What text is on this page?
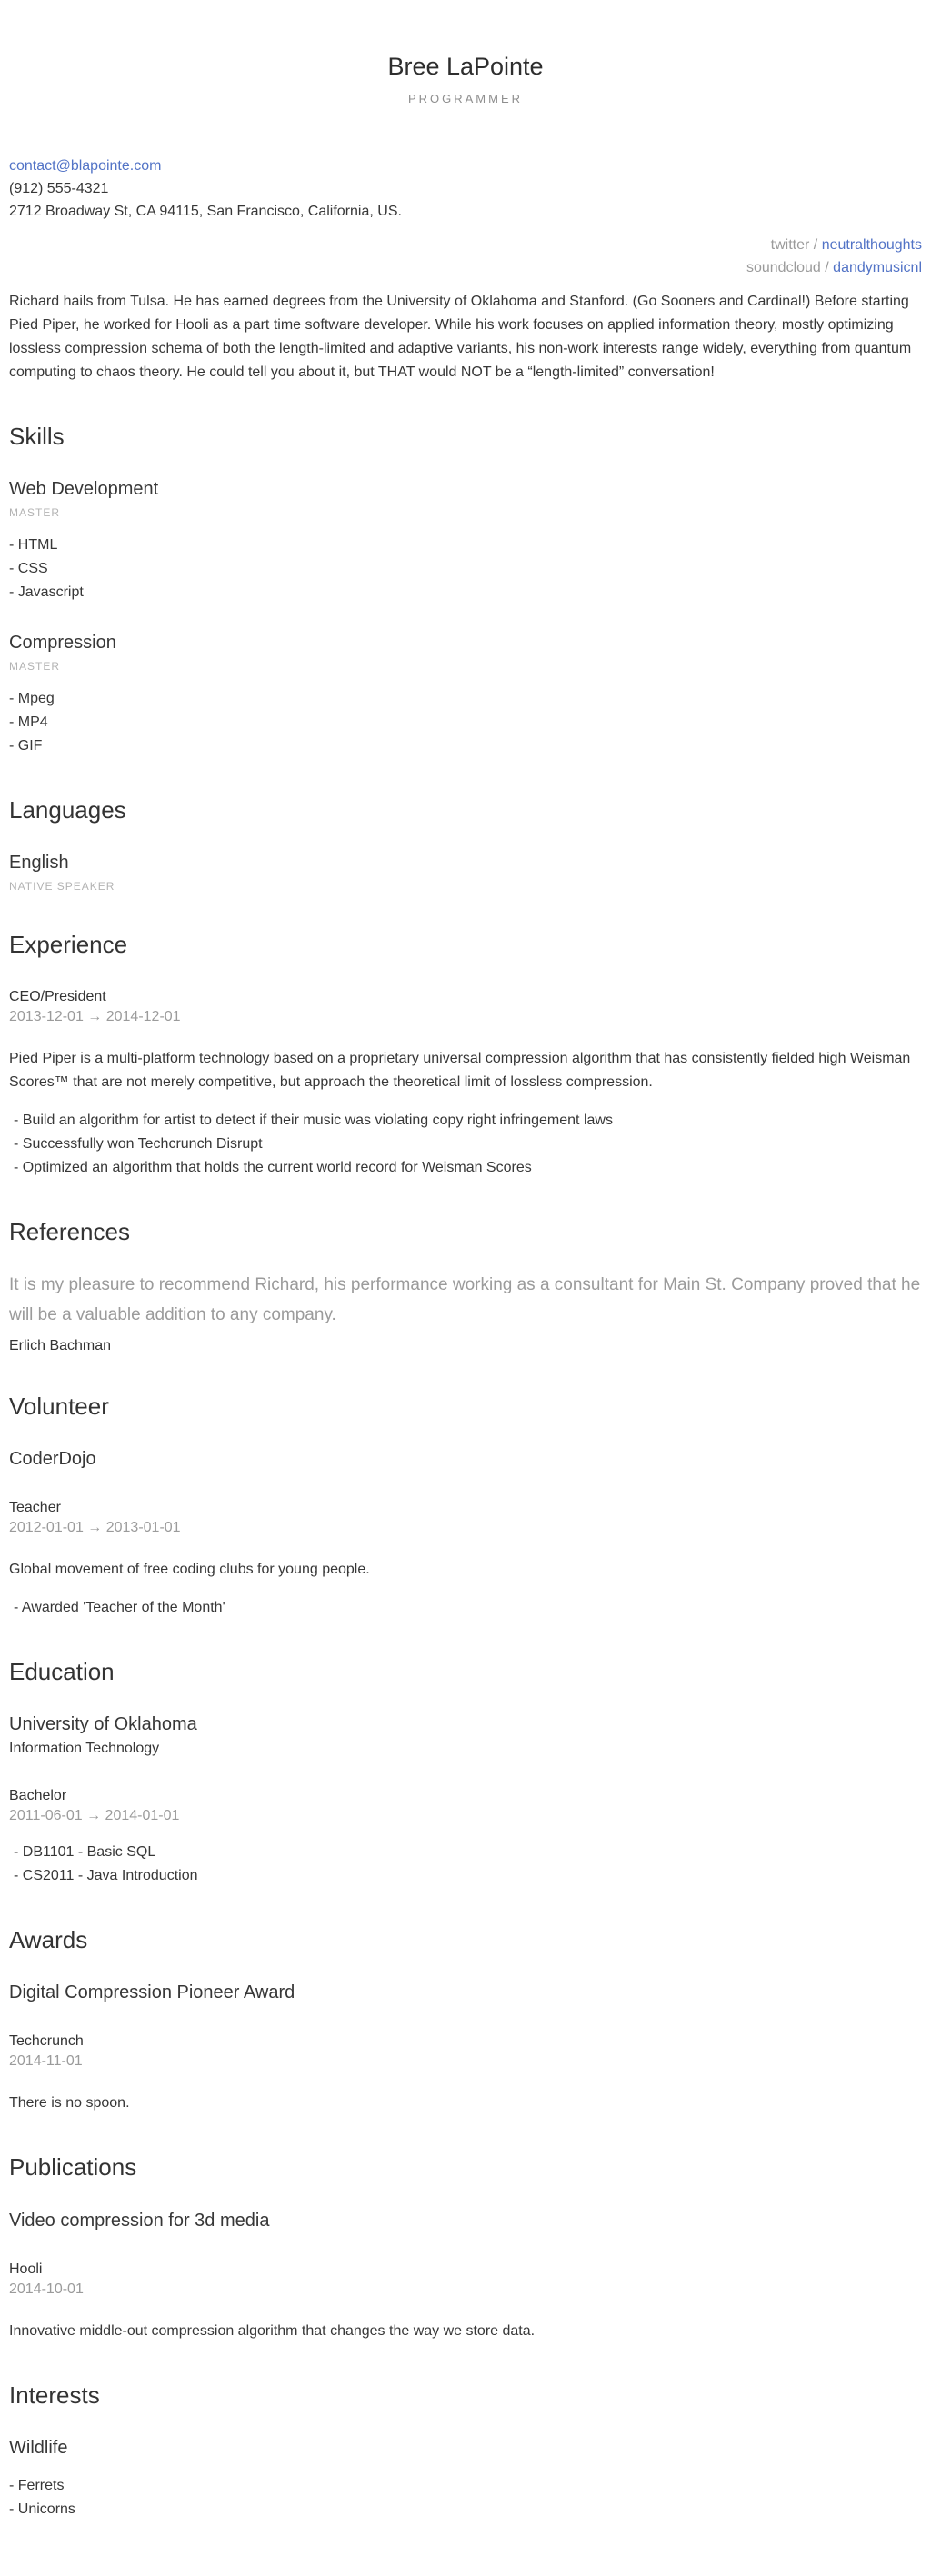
Bree LaPointe
PROGRAMMER
contact@blapointe.com
(912) 555-4321
2712 Broadway St, CA 94115, San Francisco, California, US.
twitter / neutralthoughts
soundcloud / dandymusicnl

Richard hails from Tulsa. He has earned degrees from the University of Oklahoma and Stanford. (Go Sooners and Cardinal!) Before starting Pied Piper, he worked for Hooli as a part time software developer. While his work focuses on applied information theory, mostly optimizing lossless compression schema of both the length-limited and adaptive variants, his non-work interests range widely, everything from quantum computing to chaos theory. He could tell you about it, but THAT would NOT be a “length-limited” conversation!

Skills
Web Development
MASTER
- HTML
- CSS
- Javascript
Compression
MASTER
- Mpeg
- MP4
- GIF
Languages
English
NATIVE SPEAKER
Experience
CEO/President
2013-12-01 → 2014-12-01

Pied Piper is a multi-platform technology based on a proprietary universal compression algorithm that has consistently fielded high Weisman Scores™ that are not merely competitive, but approach the theoretical limit of lossless compression.

- Build an algorithm for artist to detect if their music was violating copy right infringement laws
- Successfully won Techcrunch Disrupt
- Optimized an algorithm that holds the current world record for Weisman Scores
References
It is my pleasure to recommend Richard, his performance working as a consultant for Main St. Company proved that he will be a valuable addition to any company.
Erlich Bachman
Volunteer
CoderDojo
Teacher
2012-01-01 → 2013-01-01

Global movement of free coding clubs for young people.

- Awarded 'Teacher of the Month'
Education
University of Oklahoma
Information Technology
Bachelor
2011-06-01 → 2014-01-01
- DB1101 - Basic SQL
- CS2011 - Java Introduction
Awards
Digital Compression Pioneer Award
Techcrunch
2014-11-01

There is no spoon.

Publications
Video compression for 3d media
Hooli
2014-10-01

Innovative middle-out compression algorithm that changes the way we store data.

Interests
Wildlife
- Ferrets
- Unicorns
